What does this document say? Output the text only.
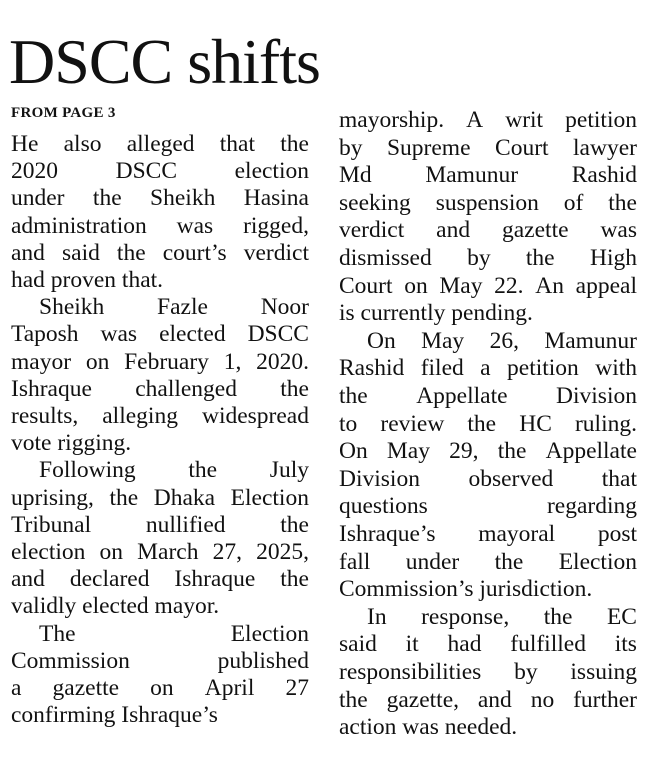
DSCC shifts
FROM PAGE 3
He also alleged that the
2020 DSCC election
under the Sheikh Hasina
administration was rigged,
and said the court’s verdict
had proven that.
Sheikh Fazle Noor
Taposh was elected DSCC
mayor on February 1, 2020.
Ishraque challenged the
results, alleging widespread
vote rigging.
Following the July
uprising, the Dhaka Election
Tribunal nullified the
election on March 27, 2025,
and declared Ishraque the
validly elected mayor.
The	Election
Commission	published
a gazette on April 27
confirming Ishraque’s
mayorship. A writ petition
by Supreme Court lawyer
Md Mamunur Rashid
seeking suspension of the
verdict and gazette was
dismissed by the High
Court on May 22. An appeal
is currently pending.
On May 26, Mamunur
Rashid filed a petition with
the Appellate Division
to review the HC ruling.
On May 29, the Appellate
Division observed that
questions	regarding
Ishraque’s mayoral post
fall under the Election
Commission’s jurisdiction.
In response, the EC
said it had fulfilled its
responsibilities by issuing
the gazette, and no further
action was needed.
